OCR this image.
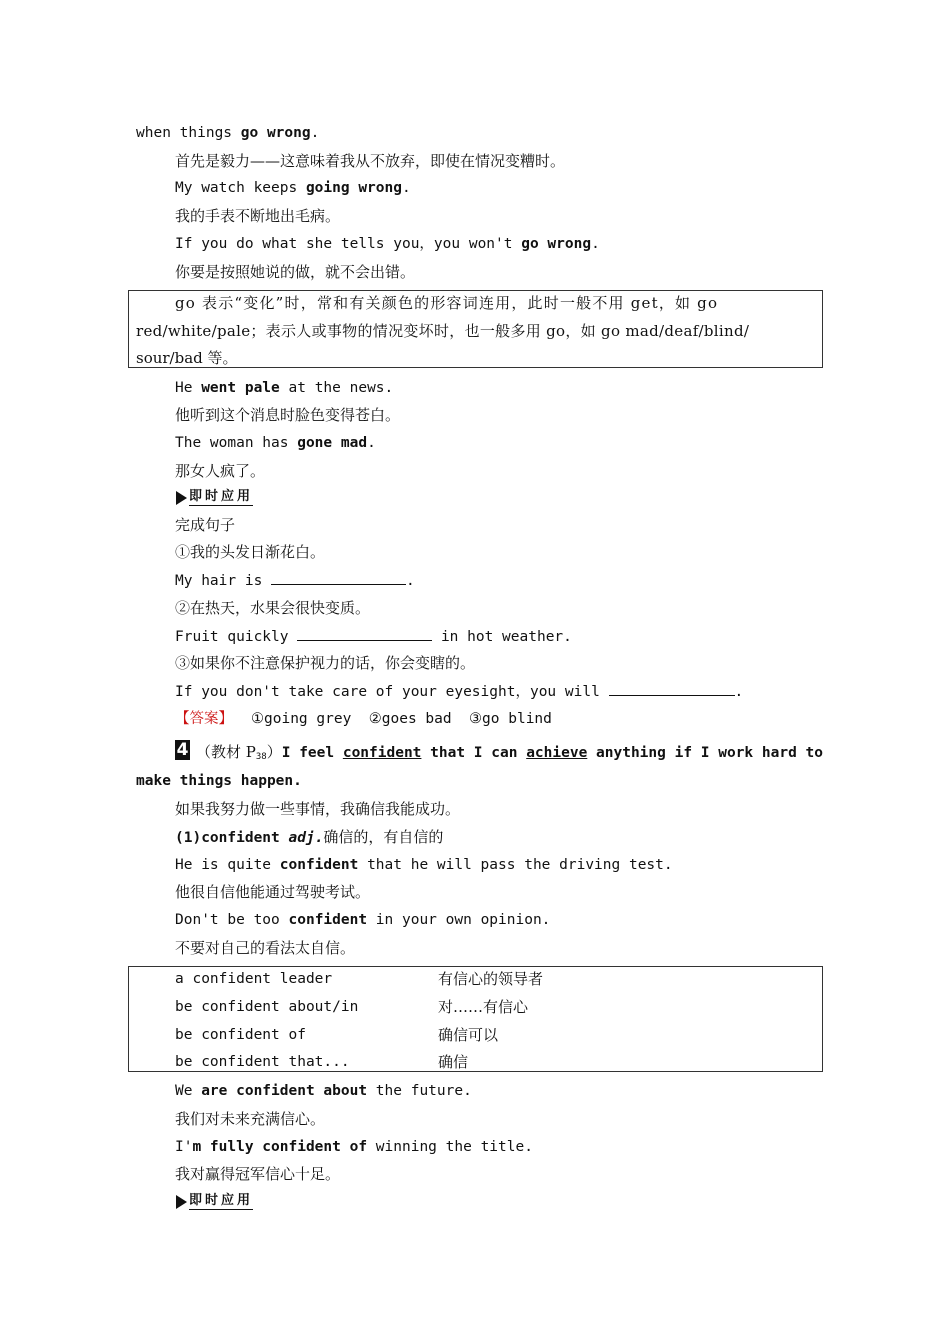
when things go wrong.
首先是毅力——这意味着我从不放弃，即使在情况变糟时。
My watch keeps going wrong.
我的手表不断地出毛病。
If you do what she tells you，you won't go wrong.
你要是按照她说的做，就不会出错。
go 表示“变化”时，常和有关颜色的形容词连用，此时一般不用 get，如 go
red/white/pale；表示人或事物的情况变坏时，也一般多用 go，如 go mad/deaf/blind/
sour/bad 等。
He went pale at the news.
他听到这个消息时脸色变得苍白。
The woman has gone mad.
那女人疯了。
即时应用
完成句子
①我的头发日渐花白。
My hair is	.
②在热天，水果会很快变质。
Fruit quickly	in hot weather.
③如果你不注意保护视力的话，你会变瞎的。
If you don't take care of your eyesight，you will	.
【答案】 ①going grey  ②goes bad  ③go blind
4 （教材 $P_{38})I$ feel confident that I can achieve anything if I work hard to
make things happen.
如果我努力做一些事情，我确信我能成功。
(1)confident adj.确信的，有自信的
He is quite confident that he will pass the driving test.
他很自信他能通过驾驶考试。
Don't be too confident in your own opinion.
不要对自己的看法太自信。
a confident leader	有信心的领导者
be confident about/in	对……有信心
be confident of	确信可以
be confident that...	确信
We are confident about the future.
我们对未来充满信心。
I'm fully confident of winning the title.
我对赢得冠军信心十足。
即时应用
